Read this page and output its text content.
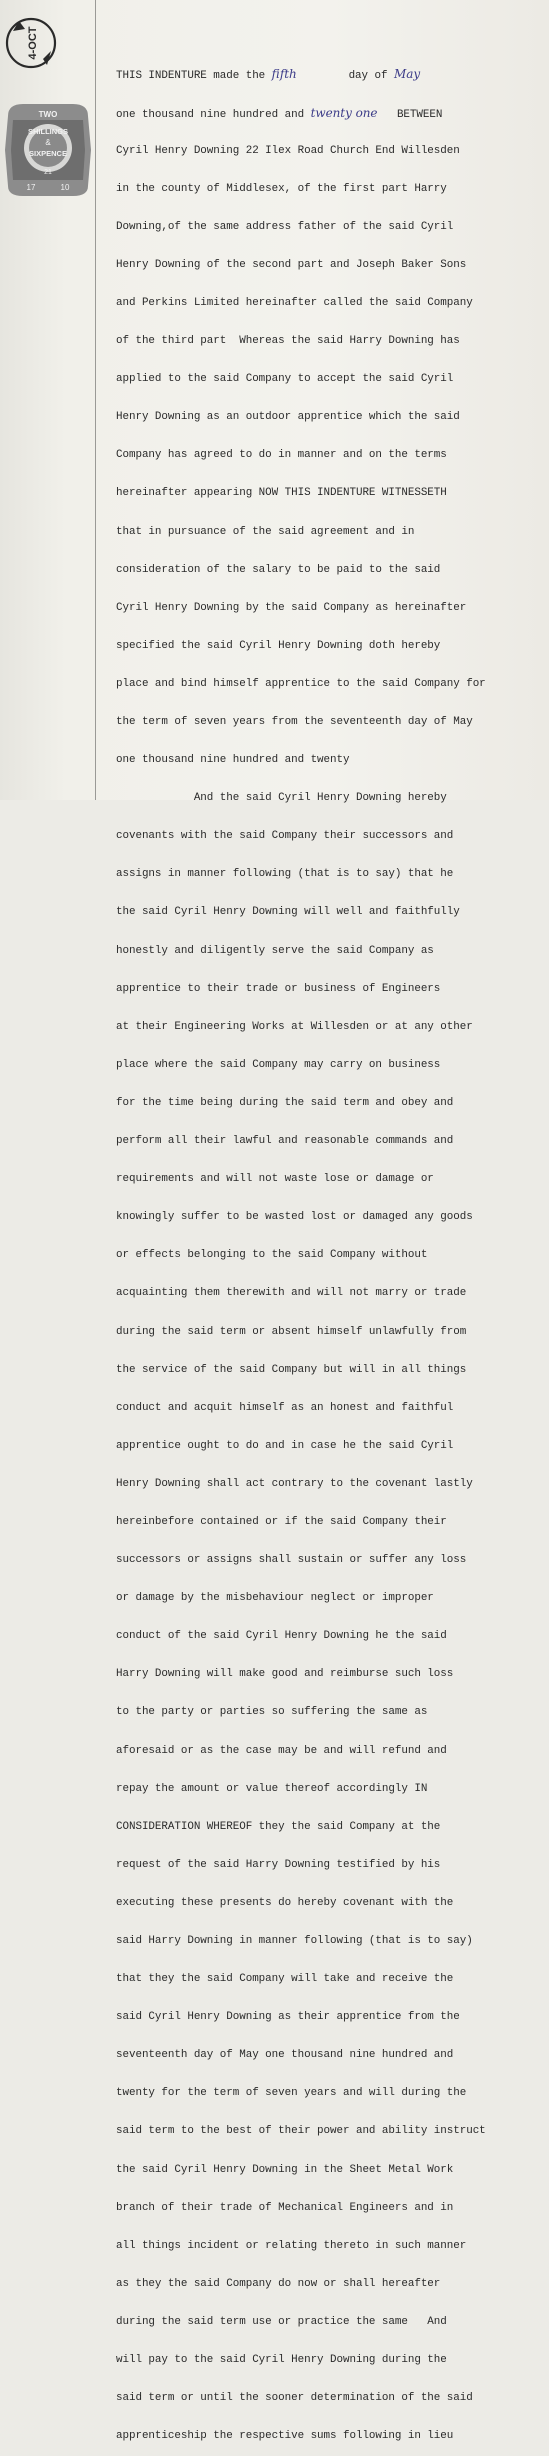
4-OCT
TWO
SHILLINGS
&
SIXPENCE
17
21
10

THIS INDENTURE made the fifth        day of May

one thousand nine hundred and twenty one   BETWEEN

Cyril Henry Downing 22 Ilex Road Church End Willesden

in the county of Middlesex, of the first part Harry

Downing,of the same address father of the said Cyril

Henry Downing of the second part and Joseph Baker Sons

and Perkins Limited hereinafter called the said Company

of the third part  Whereas the said Harry Downing has

applied to the said Company to accept the said Cyril

Henry Downing as an outdoor apprentice which the said

Company has agreed to do in manner and on the terms

hereinafter appearing NOW THIS INDENTURE WITNESSETH

that in pursuance of the said agreement and in

consideration of the salary to be paid to the said

Cyril Henry Downing by the said Company as hereinafter

specified the said Cyril Henry Downing doth hereby

place and bind himself apprentice to the said Company for

the term of seven years from the seventeenth day of May

one thousand nine hundred and twenty

And the said Cyril Henry Downing hereby

covenants with the said Company their successors and

assigns in manner following (that is to say) that he

the said Cyril Henry Downing will well and faithfully

honestly and diligently serve the said Company as

apprentice to their trade or business of Engineers

at their Engineering Works at Willesden or at any other

place where the said Company may carry on business

for the time being during the said term and obey and

perform all their lawful and reasonable commands and

requirements and will not waste lose or damage or

knowingly suffer to be wasted lost or damaged any goods

or effects belonging to the said Company without

acquainting them therewith and will not marry or trade

during the said term or absent himself unlawfully from

the service of the said Company but will in all things

conduct and acquit himself as an honest and faithful

apprentice ought to do and in case he the said Cyril

Henry Downing shall act contrary to the covenant lastly

hereinbefore contained or if the said Company their

successors or assigns shall sustain or suffer any loss

or damage by the misbehaviour neglect or improper

conduct of the said Cyril Henry Downing he the said

Harry Downing will make good and reimburse such loss

to the party or parties so suffering the same as

aforesaid or as the case may be and will refund and

repay the amount or value thereof accordingly IN

CONSIDERATION WHEREOF they the said Company at the

request of the said Harry Downing testified by his

executing these presents do hereby covenant with the

said Harry Downing in manner following (that is to say)

that they the said Company will take and receive the

said Cyril Henry Downing as their apprentice from the

seventeenth day of May one thousand nine hundred and

twenty for the term of seven years and will during the

said term to the best of their power and ability instruct

the said Cyril Henry Downing in the Sheet Metal Work

branch of their trade of Mechanical Engineers and in

all things incident or relating thereto in such manner

as they the said Company do now or shall hereafter

during the said term use or practice the same   And

will pay to the said Cyril Henry Downing during the

said term or until the sooner determination of the said

apprenticeship the respective sums following in lieu
